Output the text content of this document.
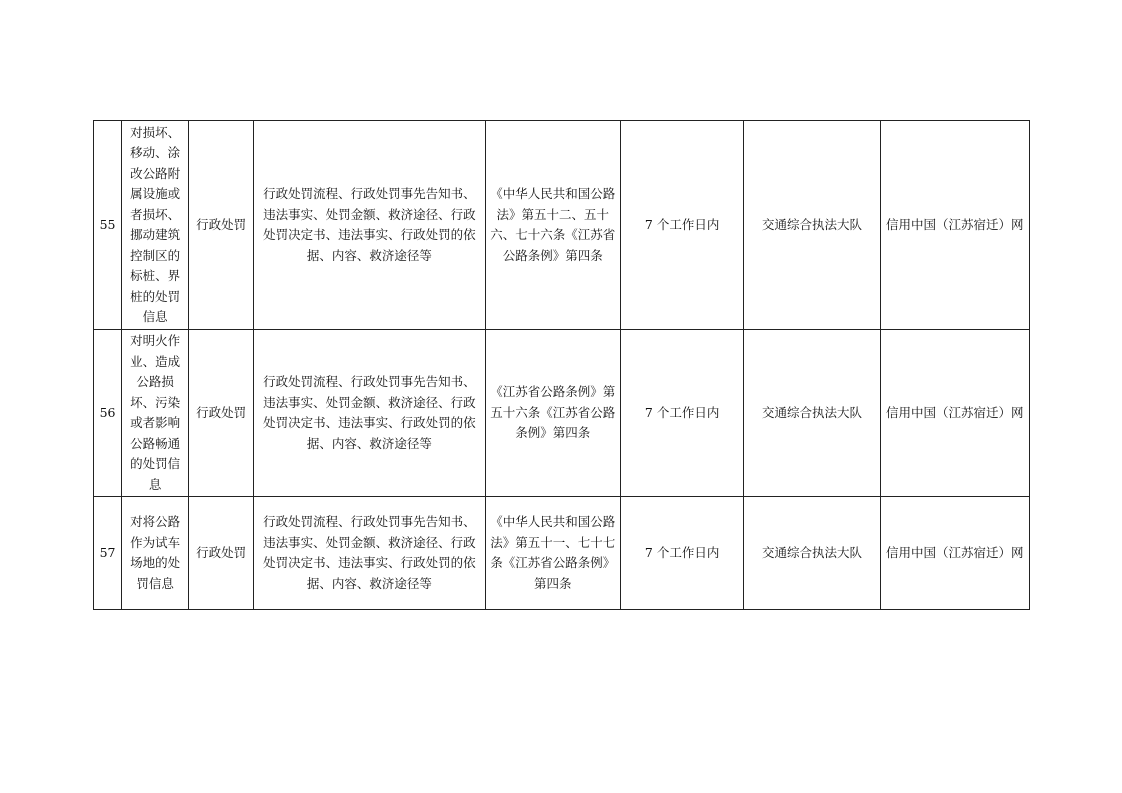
55	对损坏、移动、涂改公路附属设施或者损坏、挪动建筑控制区的标桩、界桩的处罚信息	行政处罚	行政处罚流程、行政处罚事先告知书、违法事实、处罚金额、救济途径、行政处罚决定书、违法事实、行政处罚的依据、内容、救济途径等	《中华人民共和国公路法》第五十二、五十六、七十六条《江苏省公路条例》第四条	7 个工作日内	交通综合执法大队	信用中国（江苏宿迁）网
56	对明火作业、造成公路损坏、污染或者影响公路畅通的处罚信息	行政处罚	行政处罚流程、行政处罚事先告知书、违法事实、处罚金额、救济途径、行政处罚决定书、违法事实、行政处罚的依据、内容、救济途径等	《江苏省公路条例》第五十六条《江苏省公路条例》第四条	7 个工作日内	交通综合执法大队	信用中国（江苏宿迁）网
57	对将公路作为试车场地的处罚信息	行政处罚	行政处罚流程、行政处罚事先告知书、违法事实、处罚金额、救济途径、行政处罚决定书、违法事实、行政处罚的依据、内容、救济途径等	《中华人民共和国公路法》第五十一、七十七条《江苏省公路条例》第四条	7 个工作日内	交通综合执法大队	信用中国（江苏宿迁）网
